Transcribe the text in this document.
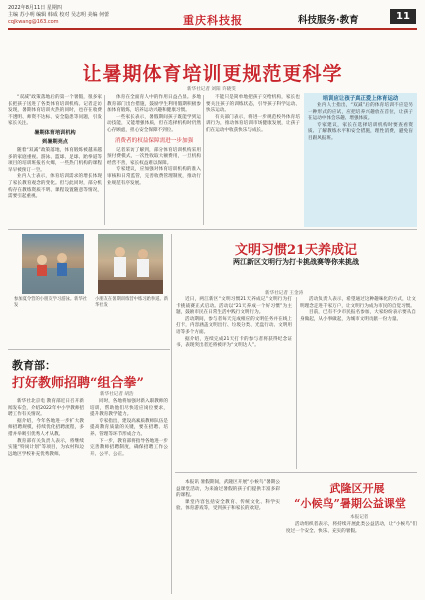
2022年8月11日 星期四
主编 苏小明 编辑 韩成 校对 吴志明 美编 何蕾
cqjkwang@163.com	重庆科技报	科技服务·教育	11
让暑期体育培训更规范更科学
新华社记者 刘阳 许晓雯

“双减”政策落地后的第一个暑假，很多家长把孩子送进了各类体育培训机构。记者走访发现，暑期体育培训火热的同时，也存在收费不透明、师资不达标、安全隐患等问题，引发家长关注。

暑期体育培训机构
到暑期亮点

随着“双减”政策落地，体育锻炼被越来越多的家庭重视。游泳、篮球、足球、跆拳道等项目的培训班报名火爆，一些热门机构的课程早早被预订一空。

业内人士表示，体育培训需求的增长体现了家长教育观念的变化。但与此同时，部分机构存在教练资质不明、课程设置随意等情况，需要引起重视。

体育在全面育人中的作用日益凸显。多地教育部门出台措施，鼓励学生利用假期积极参加体育锻炼，培养运动兴趣和健康习惯。

一些家长表示，暑假期间孩子既能学到运动技能，又能增强体质，但在选择机构时仍然心存顾虑，担心安全保障不到位。

消费者的权益保障需进一步加强

记者采访了解到，部分体育培训机构采用预付费模式，一次性收取大额费用，一旦机构经营不善，家长权益难以保障。

专家建议，应加强对体育培训机构的准入审核和日常监管，完善收费管理制度，推动行业规范有序发展。

不能只是简单地把孩子交给机构，家长也要关注孩子的训练状态，引导孩子科学运动、快乐运动。

有关部门表示，将进一步规范校外体育培训行为，推动体育培训市场健康发展，让孩子们在运动中收获快乐与成长。

培训应让孩子真正爱上体育运动

业内人士指出，“双减”后的体育培训不应是另一种形式的应试，应把培养兴趣放在首位，让孩子在运动中体会乐趣、增强体质。

专家建议，家长在选择培训机构时要查看资质、了解教练水平和安全措施，理性消费，避免盲目跟风报班。

参加夏令营的小朋友学习游泳。新华社发
小朋友在暑期训练营中练习跆拳道。新华社发
文明习惯21天养成记
两江新区文明行为打卡挑战赛等你来挑战
新华社记者 王金涛

近日，两江新区“文明习惯21天养成记”文明行为打卡挑战赛正式启动。活动以“21天养成一个好习惯”为主题，鼓励市民在日常生活中践行文明行为。

活动期间，参与者每天完成相应的文明任务并在线上打卡，内容涵盖文明出行、垃圾分类、光盘行动、文明用语等多个方面。

据介绍，连续完成21天打卡的参与者将获得纪念证书，表现突出者还将被评为“文明达人”。

活动负责人表示，希望通过这种趣味化的方式，让文明理念走进千家万户，让文明行为成为市民的自觉习惯。

目前，已有不少市民报名参加，大家纷纷表示要从自身做起，从小事做起，为城市文明贡献一份力量。

教育部：
打好教师招聘“组合拳”
新华社记者 胡浩

新华社北京电 教育部近日召开新闻发布会，介绍2022年中小学教师招聘工作有关情况。

据介绍，今年各地进一步扩大教师招聘规模，持续优化招聘流程，多措并举吸引优秀人才从教。

教育部有关负责人表示，将继续实施“特岗计划”等项目，为农村和边远地区学校补充优秀教师。

同时，各地将加强对新入职教师的培训，帮助他们尽快适应岗位要求，提升教育教学能力。

专家指出，建设高素质教师队伍是提高教育质量的关键，要在招聘、培养、管理等环节形成合力。

下一步，教育部将指导各地进一步完善教师招聘制度，确保招聘工作公开、公平、公正。

武隆区开展
“小候鸟”暑期公益课堂
本报记者

本报讯 暑假期间，武隆区开展“小候鸟”暑期公益课堂活动，为来渝过暑假的孩子们提供丰富多彩的课程。

课堂内容包括安全教育、传统文化、科学实验、体育游戏等，受到孩子和家长的欢迎。

活动组织者表示，将持续开展此类公益活动，让“小候鸟”们度过一个安全、快乐、充实的暑假。
